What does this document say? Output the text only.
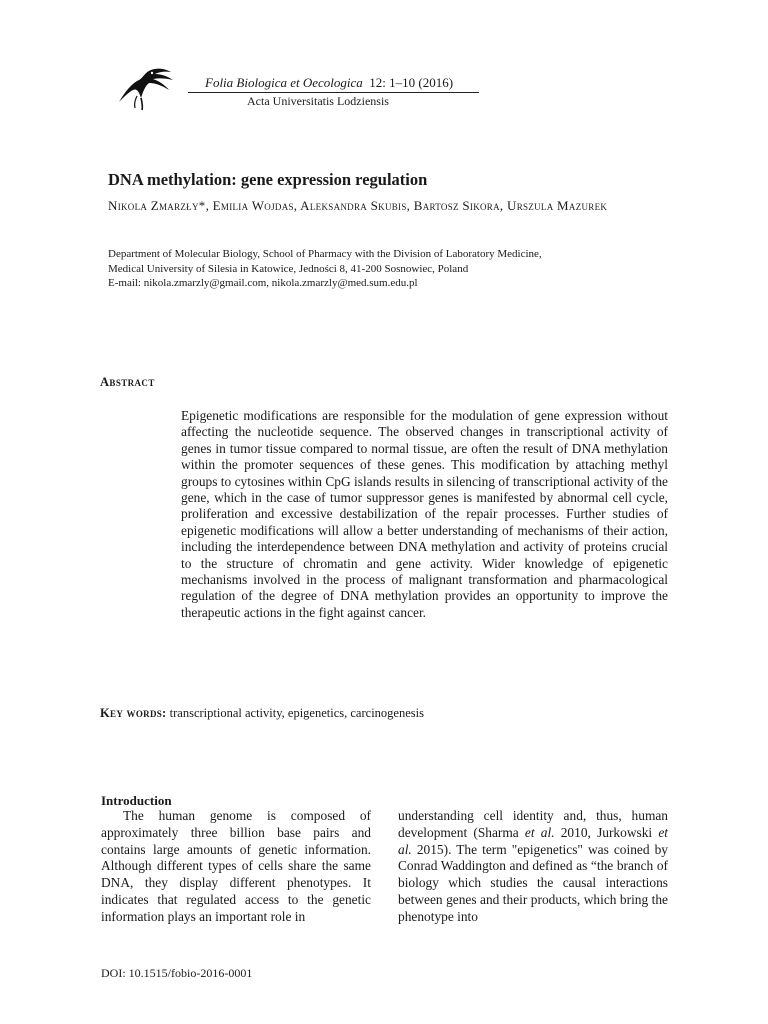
Folia Biologica et Oecologica 12: 1–10 (2016)
Acta Universitatis Lodziensis
DNA methylation: gene expression regulation
Nikola Zmarzły*, Emilia Wojdas, Aleksandra Skubis, Bartosz Sikora, Urszula Mazurek
Department of Molecular Biology, School of Pharmacy with the Division of Laboratory Medicine,
Medical University of Silesia in Katowice, Jedności 8, 41-200 Sosnowiec, Poland
E-mail: nikola.zmarzly@gmail.com, nikola.zmarzly@med.sum.edu.pl
Abstract

Epigenetic modifications are responsible for the modulation of gene expression without affecting the nucleotide sequence. The observed changes in transcriptional activity of genes in tumor tissue compared to normal tissue, are often the result of DNA methylation within the promoter sequences of these genes. This modification by attaching methyl groups to cytosines within CpG islands results in silencing of transcriptional activity of the gene, which in the case of tumor suppressor genes is manifested by abnormal cell cycle, proliferation and excessive destabilization of the repair processes. Further studies of epigenetic modifications will allow a better understanding of mechanisms of their action, including the interdependence between DNA methylation and activity of proteins crucial to the structure of chromatin and gene activity. Wider knowledge of epigenetic mechanisms involved in the process of malignant transformation and pharmacological regulation of the degree of DNA methylation provides an opportunity to improve the therapeutic actions in the fight against cancer.

Key words: transcriptional activity, epigenetics, carcinogenesis
Introduction

The human genome is composed of approximately three billion base pairs and contains large amounts of genetic information. Although different types of cells share the same DNA, they display different phenotypes. It indicates that regulated access to the genetic information plays an important role in

understanding cell identity and, thus, human development (Sharma et al. 2010, Jurkowski et al. 2015). The term "epigenetics" was coined by Conrad Waddington and defined as “the branch of biology which studies the causal interactions between genes and their products, which bring the phenotype into

DOI: 10.1515/fobio-2016-0001
